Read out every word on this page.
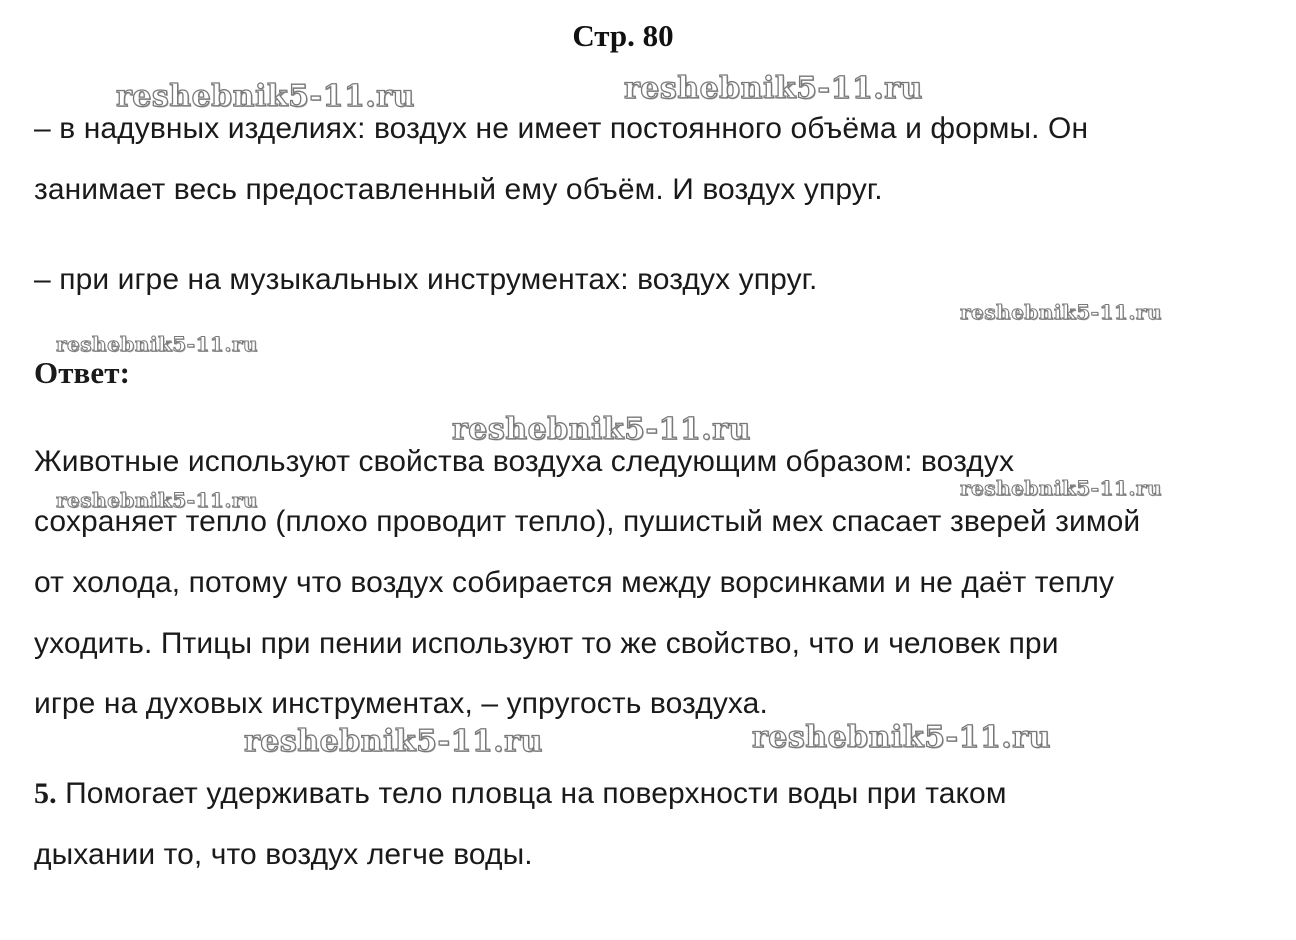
Стр. 80
reshebnik5-11.ru	reshebnik5-11.ru
reshebnik5-11.ru
reshebnik5-11.ru
reshebnik5-11.ru
reshebnik5-11.ru	reshebnik5-11.ru
reshebnik5-11.ru	reshebnik5-11.ru
– в надувных изделиях: воздух не имеет постоянного объёма и формы. Он
занимает весь предоставленный ему объём. И воздух упруг.
– при игре на музыкальных инструментах: воздух упруг.
Ответ:
Животные используют свойства воздуха следующим образом: воздух
сохраняет тепло (плохо проводит тепло), пушистый мех спасает зверей зимой
от холода, потому что воздух собирается между ворсинками и не даёт теплу
уходить. Птицы при пении используют то же свойство, что и человек при
игре на духовых инструментах, – упругость воздуха.
5. Помогает удерживать тело пловца на поверхности воды при таком
дыхании то, что воздух легче воды.
